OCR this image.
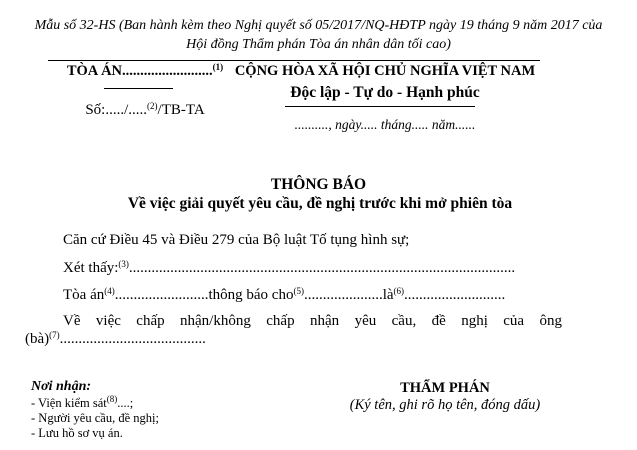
Mẫu số 32-HS (Ban hành kèm theo Nghị quyết số 05/2017/NQ-HĐTP ngày 19 tháng 9 năm 2017 của
Hội đồng Thẩm phán Tòa án nhân dân tối cao)
TÒA ÁN.........................$^{(1)}$
Số:...../.....$^{(2)}$/TB-TA
CỘNG HÒA XÃ HỘI CHỦ NGHĨA VIỆT NAM
Độc lập - Tự do - Hạnh phúc
.........., ngày..... tháng..... năm......
THÔNG BÁO
Về việc giải quyết yêu cầu, đề nghị trước khi mở phiên tòa
Căn cứ Điều 45 và Điều 279 của Bộ luật Tố tụng hình sự;
Xét thấy:$^{(3)}$.......................................................................................................
Tòa $án^{(4)}.........................thông$ báo $cho^{(5)}.....................là^{(6)}$...........................
Về việc chấp nhận/không chấp nhận yêu cầu, đề nghị của ông
(bà)$^{(7)}$.......................................
Nơi nhận:
- Viện kiểm sát$^{(8)}$....;
- Người yêu cầu, đề nghị;
- Lưu hồ sơ vụ án.
THẨM PHÁN
(Ký tên, ghi rõ họ tên, đóng dấu)
